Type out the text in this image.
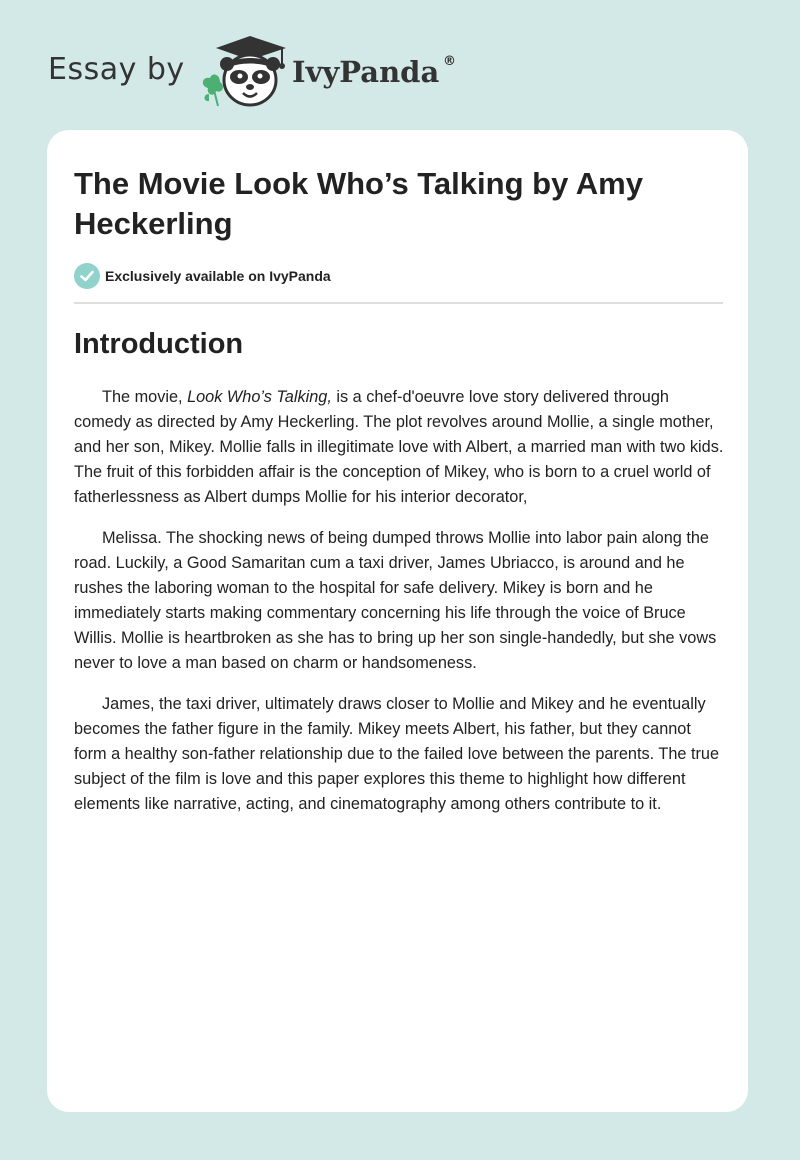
Essay by	IvyPanda ®
The Movie Look Who’s Talking by Amy Heckerling
Exclusively available on IvyPanda
Introduction

The movie, Look Who’s Talking, is a chef-d'oeuvre love story delivered through comedy as directed by Amy Heckerling. The plot revolves around Mollie, a single mother, and her son, Mikey. Mollie falls in illegitimate love with Albert, a married man with two kids. The fruit of this forbidden affair is the conception of Mikey, who is born to a cruel world of fatherlessness as Albert dumps Mollie for his interior decorator,

Melissa. The shocking news of being dumped throws Mollie into labor pain along the road. Luckily, a Good Samaritan cum a taxi driver, James Ubriacco, is around and he rushes the laboring woman to the hospital for safe delivery. Mikey is born and he immediately starts making commentary concerning his life through the voice of Bruce Willis. Mollie is heartbroken as she has to bring up her son single-handedly, but she vows never to love a man based on charm or handsomeness.

James, the taxi driver, ultimately draws closer to Mollie and Mikey and he eventually becomes the father figure in the family. Mikey meets Albert, his father, but they cannot form a healthy son-father relationship due to the failed love between the parents. The true subject of the film is love and this paper explores this theme to highlight how different elements like narrative, acting, and cinematography among others contribute to it.
